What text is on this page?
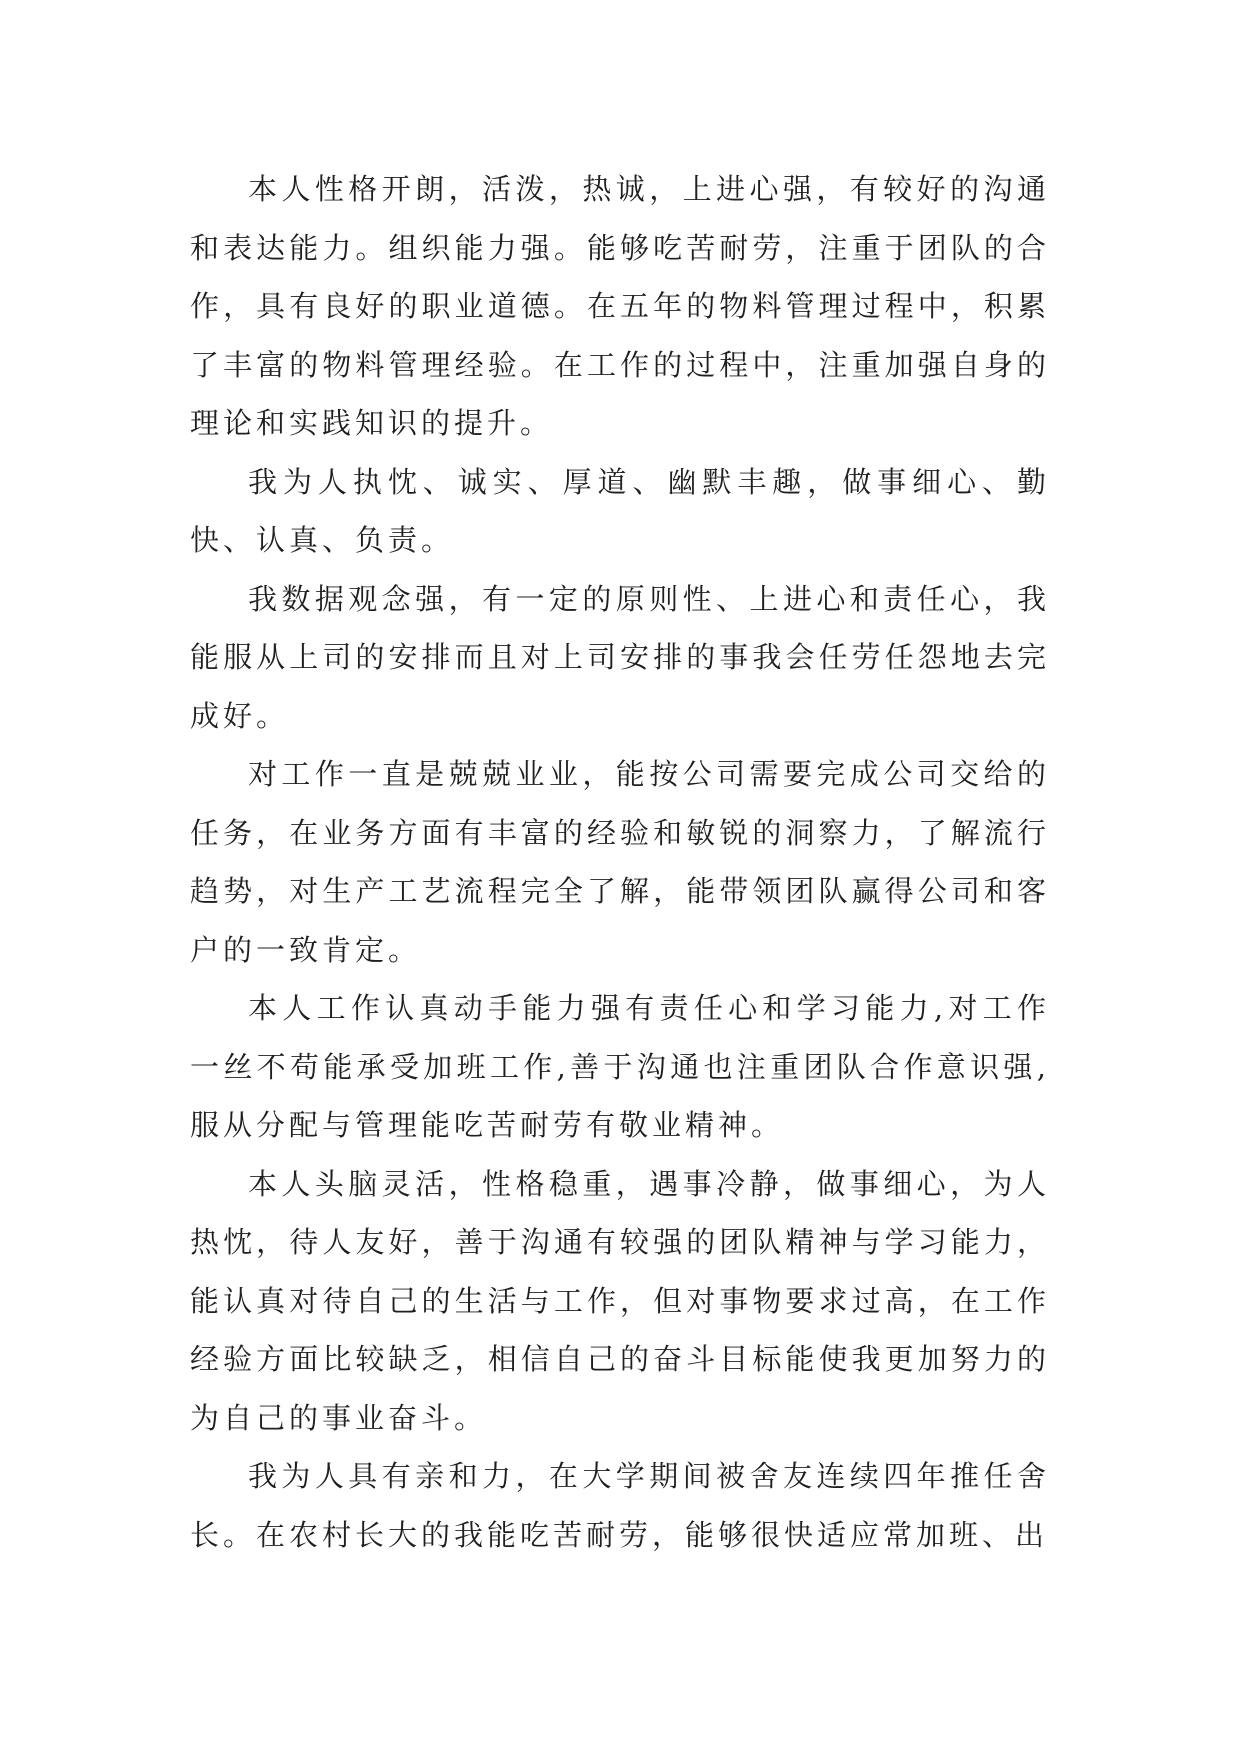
本人性格开朗，活泼，热诚，上进心强，有较好的沟通和表达能力。组织能力强。能够吃苦耐劳，注重于团队的合作，具有良好的职业道德。在五年的物料管理过程中，积累了丰富的物料管理经验。在工作的过程中，注重加强自身的理论和实践知识的提升。

我为人执忱、诚实、厚道、幽默丰趣，做事细心、勤快、认真、负责。

我数据观念强，有一定的原则性、上进心和责任心，我能服从上司的安排而且对上司安排的事我会任劳任怨地去完成好。

对工作一直是兢兢业业，能按公司需要完成公司交给的任务，在业务方面有丰富的经验和敏锐的洞察力，了解流行趋势，对生产工艺流程完全了解，能带领团队赢得公司和客户的一致肯定。

本人工作认真动手能力强有责任心和学习能力,对工作一丝不苟能承受加班工作,善于沟通也注重团队合作意识强,服从分配与管理能吃苦耐劳有敬业精神。

本人头脑灵活，性格稳重，遇事冷静，做事细心，为人热忱，待人友好，善于沟通有较强的团队精神与学习能力，能认真对待自己的生活与工作，但对事物要求过高，在工作经验方面比较缺乏，相信自己的奋斗目标能使我更加努力的为自己的事业奋斗。

我为人具有亲和力，在大学期间被舍友连续四年推任舍长。在农村长大的我能吃苦耐劳，能够很快适应常加班、出
